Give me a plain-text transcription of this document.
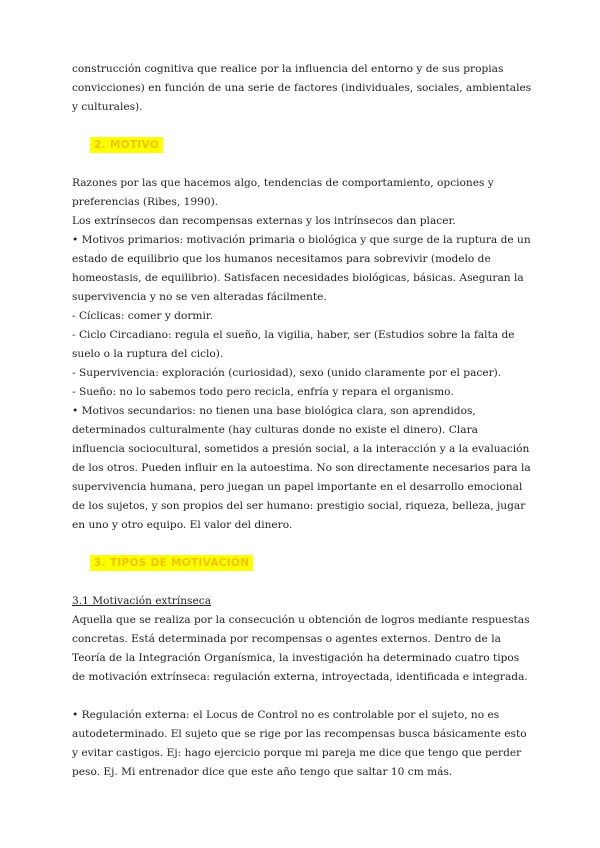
construcción cognitiva que realice por la influencia del entorno y de sus propias convicciones) en función de una serie de factores (individuales, sociales, ambientales y culturales).

2. MOTIVO

Razones por las que hacemos algo, tendencias de comportamiento, opciones y preferencias (Ribes, 1990).

Los extrínsecos dan recompensas externas y los intrínsecos dan placer.

• Motivos primarios: motivación primaria o biológica y que surge de la ruptura de un estado de equilibrio que los humanos necesitamos para sobrevivir (modelo de homeostasis, de equilibrio). Satisfacen necesidades biológicas, básicas. Aseguran la supervivencia y no se ven alteradas fácilmente.

- Cíclicas: comer y dormir.

- Ciclo Circadiano: regula el sueño, la vigilia, haber, ser (Estudios sobre la falta de suelo o la ruptura del ciclo).

- Supervivencia: exploración (curiosidad), sexo (unido claramente por el pacer).

- Sueño: no lo sabemos todo pero recicla, enfría y repara el organismo.

• Motivos secundarios: no tienen una base biológica clara, son aprendidos, determinados culturalmente (hay culturas donde no existe el dinero). Clara influencia sociocultural, sometidos a presión social, a la interacción y a la evaluación de los otros. Pueden influir en la autoestima. No son directamente necesarios para la supervivencia humana, pero juegan un papel importante en el desarrollo emocional de los sujetos, y son propios del ser humano: prestigio social, riqueza, belleza, jugar en uno y otro equipo. El valor del dinero.

3. TIPOS DE MOTIVACIÓN

3.1 Motivación extrínseca

Aquella que se realiza por la consecución u obtención de logros mediante respuestas concretas. Está determinada por recompensas o agentes externos. Dentro de la Teoría de la Integración Organísmica, la investigación ha determinado cuatro tipos de motivación extrínseca: regulación externa, introyectada, identificada e integrada.

• Regulación externa: el Locus de Control no es controlable por el sujeto, no es autodeterminado. El sujeto que se rige por las recompensas busca básicamente esto y evitar castigos. Ej: hago ejercicio porque mi pareja me dice que tengo que perder peso. Ej. Mi entrenador dice que este año tengo que saltar 10 cm más.
